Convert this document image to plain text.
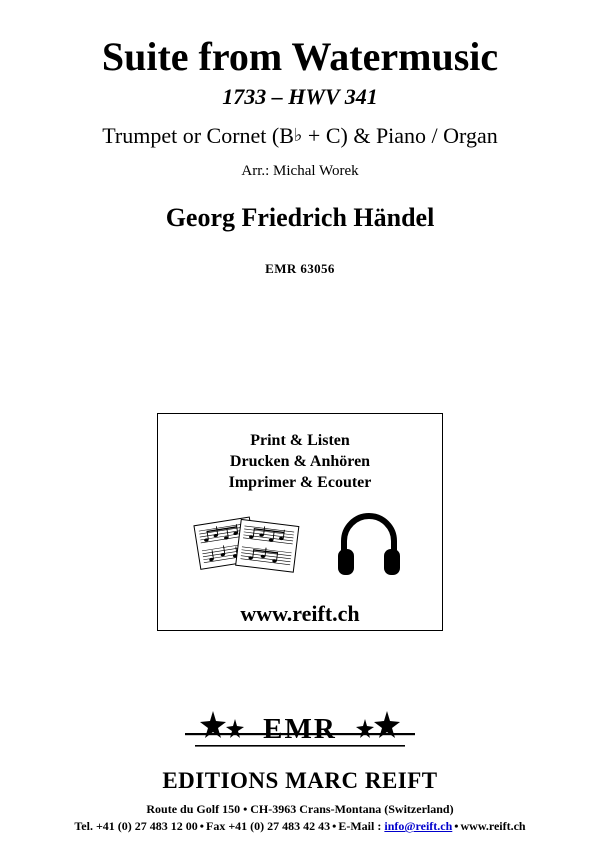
Suite from Watermusic
1733 – HWV 341
Trumpet or Cornet (B♭ + C) & Piano / Organ
Arr.: Michal Worek
Georg Friedrich Händel
EMR 63056
Print & Listen
Drucken & Anhören
Imprimer & Ecouter
www.reift.ch
EMR
EDITIONS MARC REIFT
Route du Golf 150 • CH-3963 Crans-Montana (Switzerland)
Tel. +41 (0) 27 483 12 00 • Fax +41 (0) 27 483 42 43 • E-Mail : info@reift.ch • www.reift.ch
